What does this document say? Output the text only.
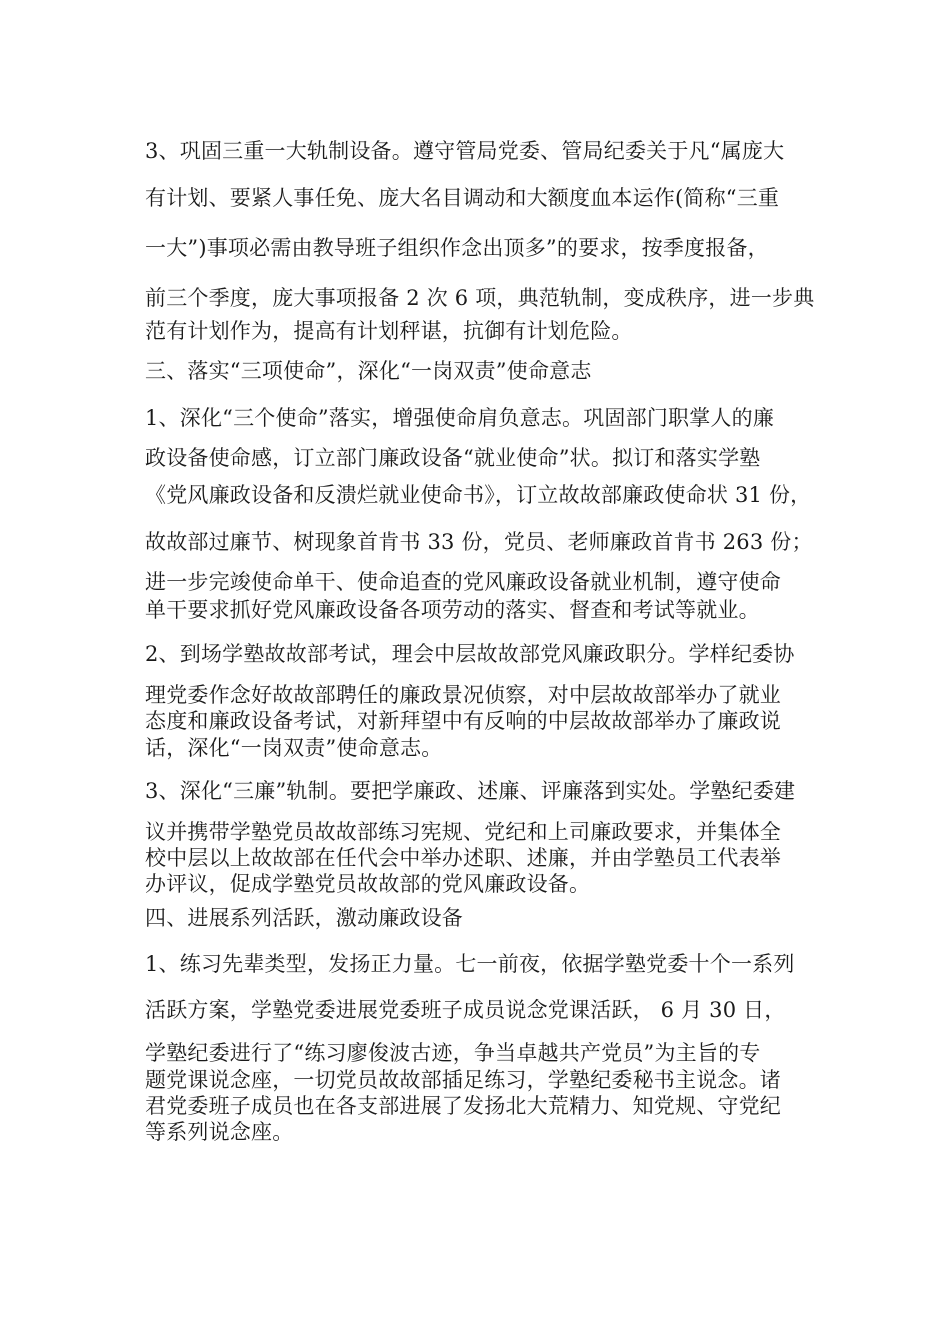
3、巩固三重一大轨制设备。遵守管局党委、管局纪委关于凡“属庞大
有计划、要紧人事任免、庞大名目调动和大额度血本运作(简称“三重
一大”)事项必需由教导班子组织作念出顶多”的要求，按季度报备，
前三个季度，庞大事项报备 2 次 6 项，典范轨制，变成秩序，进一步典
范有计划作为，提高有计划秤谌，抗御有计划危险。
三、落实“三项使命”，深化“一岗双责”使命意志
1、深化“三个使命”落实，增强使命肩负意志。巩固部门职掌人的廉
政设备使命感，订立部门廉政设备“就业使命”状。拟订和落实学塾
《党风廉政设备和反溃烂就业使命书》，订立故故部廉政使命状 31 份，
故故部过廉节、树现象首肯书 33 份，党员、老师廉政首肯书 263 份；
进一步完竣使命单干、使命追查的党风廉政设备就业机制，遵守使命
单干要求抓好党风廉政设备各项劳动的落实、督查和考试等就业。
2、到场学塾故故部考试，理会中层故故部党风廉政职分。学样纪委协
理党委作念好故故部聘任的廉政景况侦察，对中层故故部举办了就业
态度和廉政设备考试，对新拜望中有反响的中层故故部举办了廉政说
话，深化“一岗双责”使命意志。
3、深化“三廉”轨制。要把学廉政、述廉、评廉落到实处。学塾纪委建
议并携带学塾党员故故部练习宪规、党纪和上司廉政要求，并集体全
校中层以上故故部在任代会中举办述职、述廉，并由学塾员工代表举
办评议，促成学塾党员故故部的党风廉政设备。
四、进展系列活跃，激动廉政设备
1、练习先辈类型，发扬正力量。七一前夜，依据学塾党委十个一系列
活跃方案，学塾党委进展党委班子成员说念党课活跃， 6 月 30 日，
学塾纪委进行了“练习廖俊波古迹，争当卓越共产党员”为主旨的专
题党课说念座，一切党员故故部插足练习，学塾纪委秘书主说念。诸
君党委班子成员也在各支部进展了发扬北大荒精力、知党规、守党纪
等系列说念座。
